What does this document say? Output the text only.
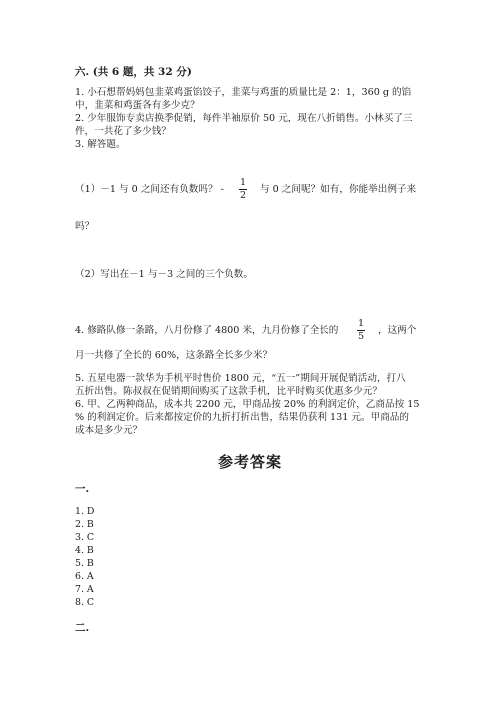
六. (共 6 题，共 32 分)
1. 小石想帮妈妈包韭菜鸡蛋馅饺子，韭菜与鸡蛋的质量比是 2：1，360 g 的馅
中，韭菜和鸡蛋各有多少克？
2. 少年服饰专卖店换季促销，每件半袖原价 50 元，现在八折销售。小林买了三
件，一共花了多少钱？
3. 解答题。
（1）－1 与 0 之间还有负数吗？ -
1
2
与 0 之间呢？如有，你能举出例子来
吗？
（2）写出在－1 与－3 之间的三个负数。
4. 修路队修一条路，八月份修了 4800 米，九月份修了全长的
1
5
，这两个
月一共修了全长的 60%，这条路全长多少米？
5. 五星电器一款华为手机平时售价 1800 元，“五一”期间开展促销活动，打八
五折出售。陈叔叔在促销期间购买了这款手机，比平时购买优惠多少元？
6. 甲、乙两种商品，成本共 2200 元，甲商品按 20% 的利润定价，乙商品按 15
% 的利润定价。后来都按定价的九折打折出售，结果仍获利 131 元。甲商品的
成本是多少元？
参考答案
一.
1. D
2. B
3. C
4. B
5. B
6. A
7. A
8. C
二.
